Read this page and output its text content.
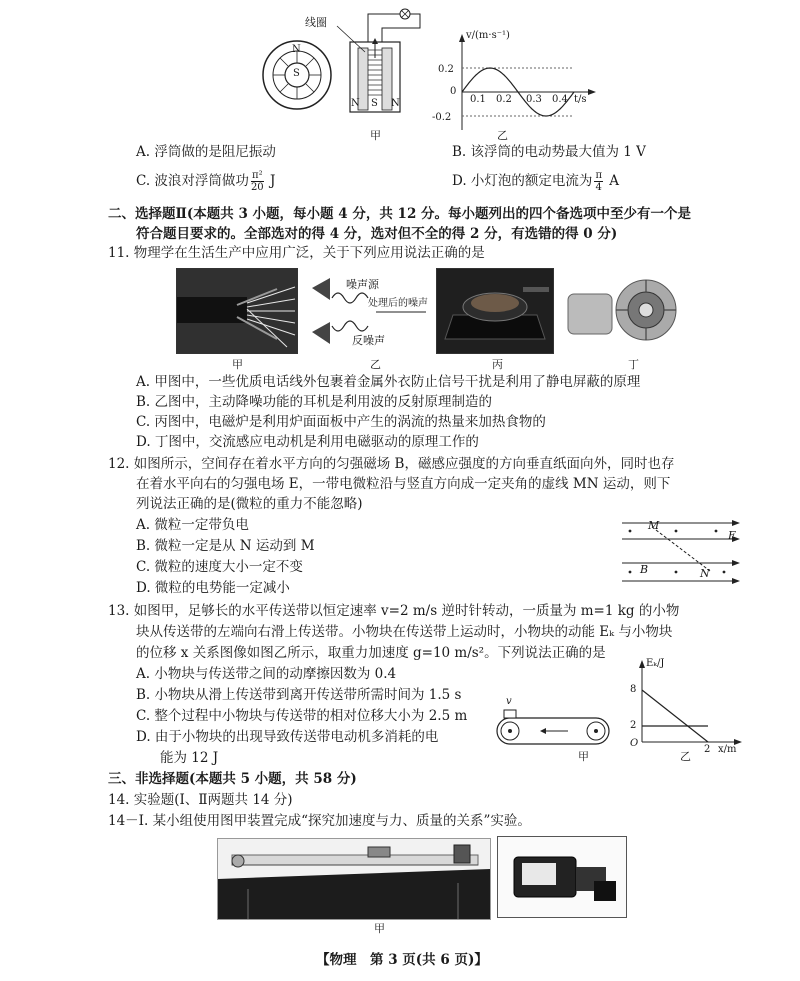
线圈
N
S
N S N
甲
v/(m·s⁻¹)
t/s
0
0.2
-0.2
0.1 0.2 0.3 0.4
乙
A. 浮筒做的是阻尼振动	B. 该浮筒的电动势最大值为 1 V
C. 波浪对浮筒做功 $\frac{\text{π²}}{20}$ J	D. 小灯泡的额定电流为 $\frac{\pi}{4}$ A
二、选择题Ⅱ(本题共 3 小题，每小题 4 分，共 12 分。每小题列出的四个备选项中至少有一个是
符合题目要求的。全部选对的得 4 分，选对但不全的得 2 分，有选错的得 0 分)
11. 物理学在生活生产中应用广泛，关于下列应用说法正确的是
噪声源
处理后的噪声
反噪声
甲	乙	丙	丁
A. 甲图中，一些优质电话线外包裹着金属外衣防止信号干扰是利用了静电屏蔽的原理
B. 乙图中，主动降噪功能的耳机是利用波的反射原理制造的
C. 丙图中，电磁炉是利用炉面面板中产生的涡流的热量来加热食物的
D. 丁图中，交流感应电动机是利用电磁驱动的原理工作的
12. 如图所示，空间存在着水平方向的匀强磁场 B，磁感应强度的方向垂直纸面向外，同时也存
在着水平向右的匀强电场 E，一带电微粒沿与竖直方向成一定夹角的虚线 MN 运动，则下
列说法正确的是(微粒的重力不能忽略)
A. 微粒一定带负电
B. 微粒一定是从 N 运动到 M
C. 微粒的速度大小一定不变
D. 微粒的电势能一定减小
M
N
E
B
13. 如图甲，足够长的水平传送带以恒定速率 v=2 m/s 逆时针转动，一质量为 m=1 kg 的小物
块从传送带的左端向右滑上传送带。小物块在传送带上运动时，小物块的动能 Eₖ 与小物块
的位移 x 关系图像如图乙所示，取重力加速度 g=10 m/s²。下列说法正确的是
A. 小物块与传送带之间的动摩擦因数为 0.4
B. 小物块从滑上传送带到离开传送带所需时间为 1.5 s
C. 整个过程中小物块与传送带的相对位移大小为 2.5 m
D. 由于小物块的出现导致传送带电动机多消耗的电
能为 12 J
v
甲
Eₖ/J
8
2
O
2 x/m
乙
三、非选择题(本题共 5 小题，共 58 分)
14. 实验题(Ⅰ、Ⅱ两题共 14 分)
14－Ⅰ. 某小组使用图甲装置完成“探究加速度与力、质量的关系”实验。
甲
【物理　第 3 页(共 6 页)】
